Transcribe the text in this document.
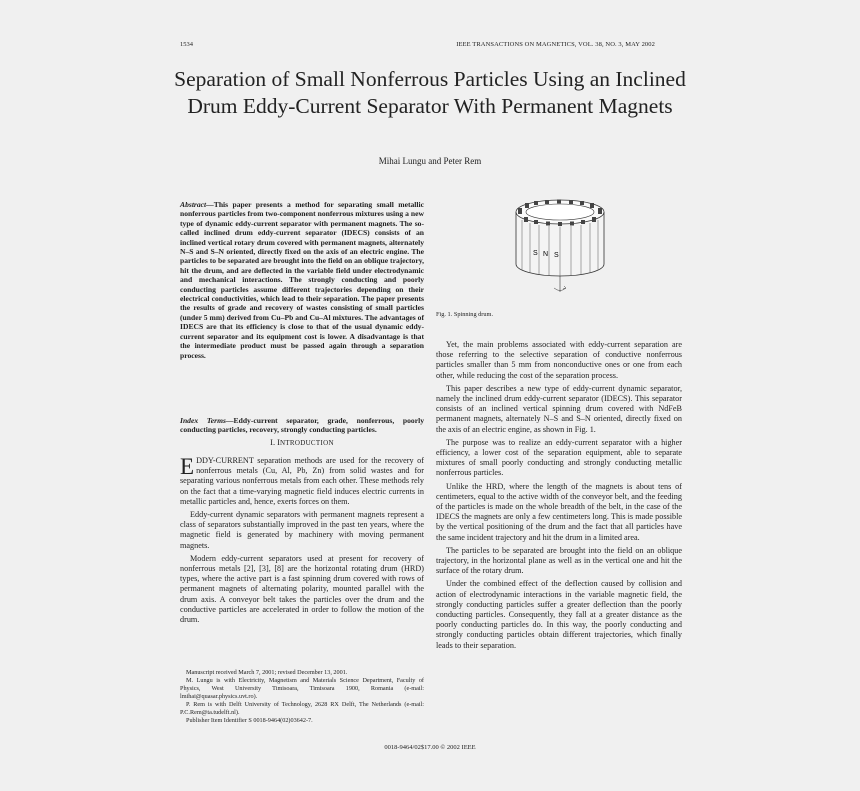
1534	IEEE TRANSACTIONS ON MAGNETICS, VOL. 38, NO. 3, MAY 2002
Separation of Small Nonferrous Particles Using an Inclined Drum Eddy-Current Separator With Permanent Magnets
Mihai Lungu and Peter Rem
Abstract—This paper presents a method for separating small metallic nonferrous particles from two-component nonferrous mixtures using a new type of dynamic eddy-current separator with permanent magnets. The so-called inclined drum eddy-current separator (IDECS) consists of an inclined vertical rotary drum covered with permanent magnets, alternately N–S and S–N oriented, directly fixed on the axis of an electric engine. The particles to be separated are brought into the field on an oblique trajectory, hit the drum, and are deflected in the variable field under electrodynamic and mechanical interactions. The strongly conducting and poorly conducting particles assume different trajectories depending on their electrical conductivities, which lead to their separation. The paper presents the results of grade and recovery of wastes consisting of small particles (under 5 mm) derived from Cu–Pb and Cu–Al mixtures. The advantages of IDECS are that its efficiency is close to that of the usual dynamic eddy-current separator and its equipment cost is lower. A disadvantage is that the intermediate product must be passed again through a separation process.
Index Terms—Eddy-current separator, grade, nonferrous, poorly conducting particles, recovery, strongly conducting particles.
I. INTRODUCTION

EDDY-CURRENT separation methods are used for the recovery of nonferrous metals (Cu, Al, Pb, Zn) from solid wastes and for separating various nonferrous metals from each other. These methods rely on the fact that a time-varying magnetic field induces electric currents in metallic particles and, hence, exerts forces on them.

Eddy-current dynamic separators with permanent magnets represent a class of separators substantially improved in the past ten years, where the magnetic field is generated by machinery with moving permanent magnets.

Modern eddy-current separators used at present for recovery of nonferrous metals [2], [3], [8] are the horizontal rotating drum (HRD) types, where the active part is a fast spinning drum covered with rows of permanent magnets of alternating polarity, mounted parallel with the drum axis. A conveyor belt takes the particles over the drum and the conductive particles are accelerated in order to follow the motion of the drum.

Manuscript received March 7, 2001; revised December 13, 2001.

M. Lungu is with Electricity, Magnetism and Materials Science Department, Faculty of Physics, West University Timisoara, Timisoara 1900, Romania (e-mail: lmihai@quasar.physics.uvt.ro).

P. Rem is with Delft University of Technology, 2628 RX Delft, The Netherlands (e-mail: P.C.Rem@ta.tudelft.nl).

Publisher Item Identifier S 0018-9464(02)03642-7.

S N S
Fig. 1. Spinning drum.

Yet, the main problems associated with eddy-current separation are those referring to the selective separation of conductive nonferrous particles smaller than 5 mm from nonconductive ones or one from each other, while reducing the cost of the separation process.

This paper describes a new type of eddy-current dynamic separator, namely the inclined drum eddy-current separator (IDECS). This separator consists of an inclined vertical spinning drum covered with NdFeB permanent magnets, alternately N–S and S–N oriented, directly fixed on the axis of an electric engine, as shown in Fig. 1.

The purpose was to realize an eddy-current separator with a higher efficiency, a lower cost of the separation equipment, able to separate mixtures of small poorly conducting and strongly conducting metallic nonferrous particles.

Unlike the HRD, where the length of the magnets is about tens of centimeters, equal to the active width of the conveyor belt, and the feeding of the particles is made on the whole breadth of the belt, in the case of the IDECS the magnets are only a few centimeters long. This is made possible by the vertical positioning of the drum and the fact that all particles have the same incident trajectory and hit the drum in a limited area.

The particles to be separated are brought into the field on an oblique trajectory, in the horizontal plane as well as in the vertical one and hit the surface of the rotary drum.

Under the combined effect of the deflection caused by collision and action of electrodynamic interactions in the variable magnetic field, the strongly conducting particles suffer a greater deflection than the poorly conducting particles. Consequently, they fall at a greater distance as the poorly conducting particles do. In this way, the poorly conducting and strongly conducting particles obtain different trajectories, which finally leads to their separation.

0018-9464/02$17.00 © 2002 IEEE
